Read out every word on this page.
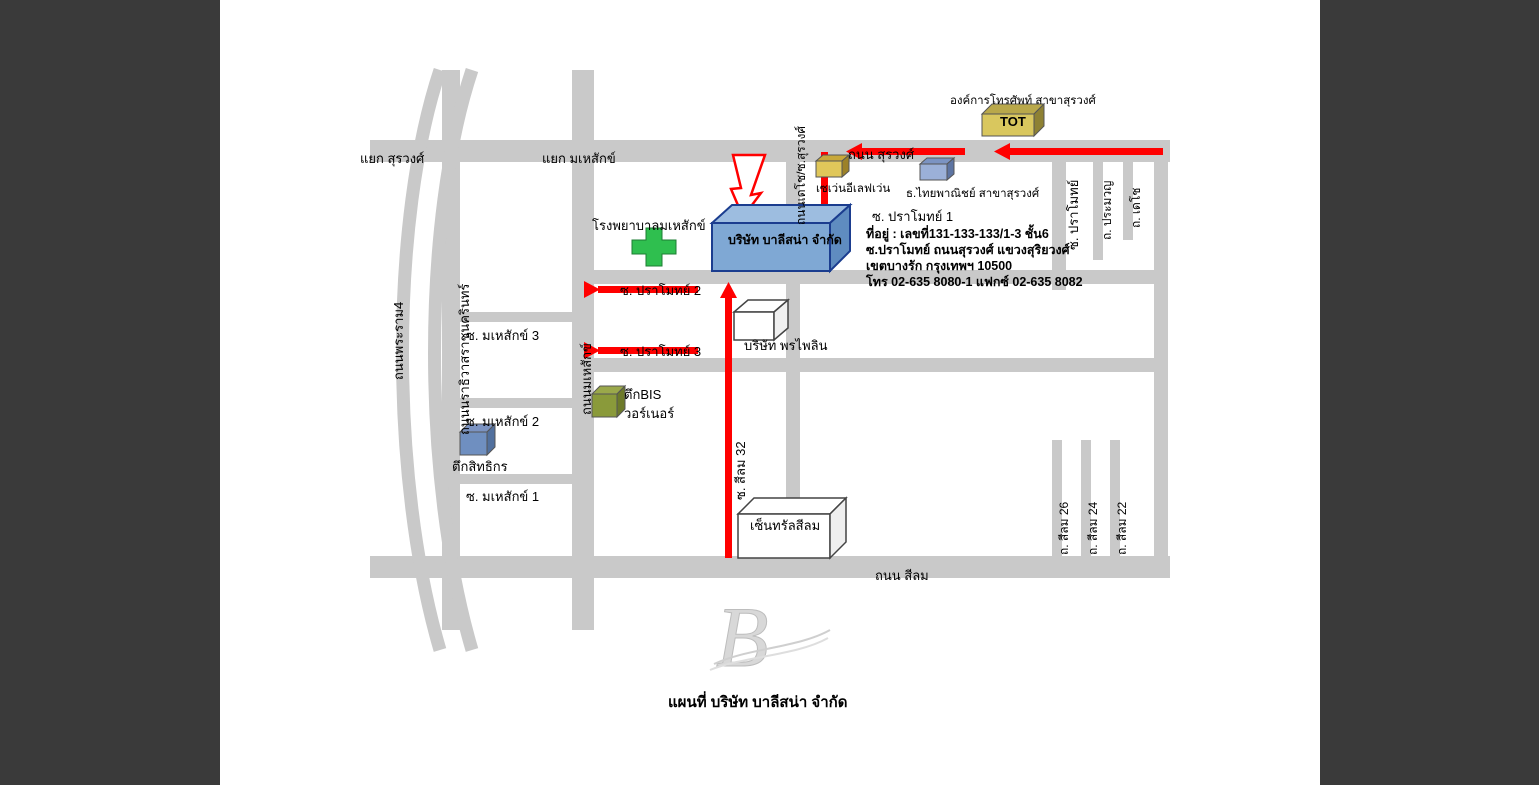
แยก สุรวงศ์	แยก มเหสักข์	ถนน สุรวงศ์
องค์การโทรศัพท์ สาขาสุรวงศ์
TOT
เซเว่นอีเลฟเว่น ธ.ไทยพาณิชย์ สาขาสุรวงศ์
ซ. ปราโมทย์ 1
โรงพยาบาลมเหสักข์
บริษัท บาลีสน่า จำกัด
ซ. ปราโมทย์ 2
ซ. ปราโมทย์ 3	บริษัท พรไพลิน
ซ. มเหสักข์ 3
ซ. มเหสักข์ 2
ซ. มเหสักข์ 1
ตึกBIS
วอร์เนอร์
ตึกสิทธิกร
เซ็นทรัลสีลม
ถนน สีลม
ถนนพระราม4	ถนนนราธิวาสราชนครินทร์	ถนนมเหสักข์
ถนนเดโช/ซ.สุรวงศ์
ซ. สีลม 32
ซ. ปราโมทย์ ถ. ประมวญ ถ. เดโช
ถ. สีลม 26 ถ. สีลม 24 ถ. สีลม 22
ที่อยู่ : เลขที่131-133-133/1-3 ชั้น6
ซ.ปราโมทย์ ถนนสุรวงศ์ แขวงสุริยวงศ์
เขตบางรัก กรุงเทพฯ 10500
โทร 02-635 8080-1 แฟกซ์ 02-635 8082
B
แผนที่ บริษัท บาลีสน่า จำกัด
